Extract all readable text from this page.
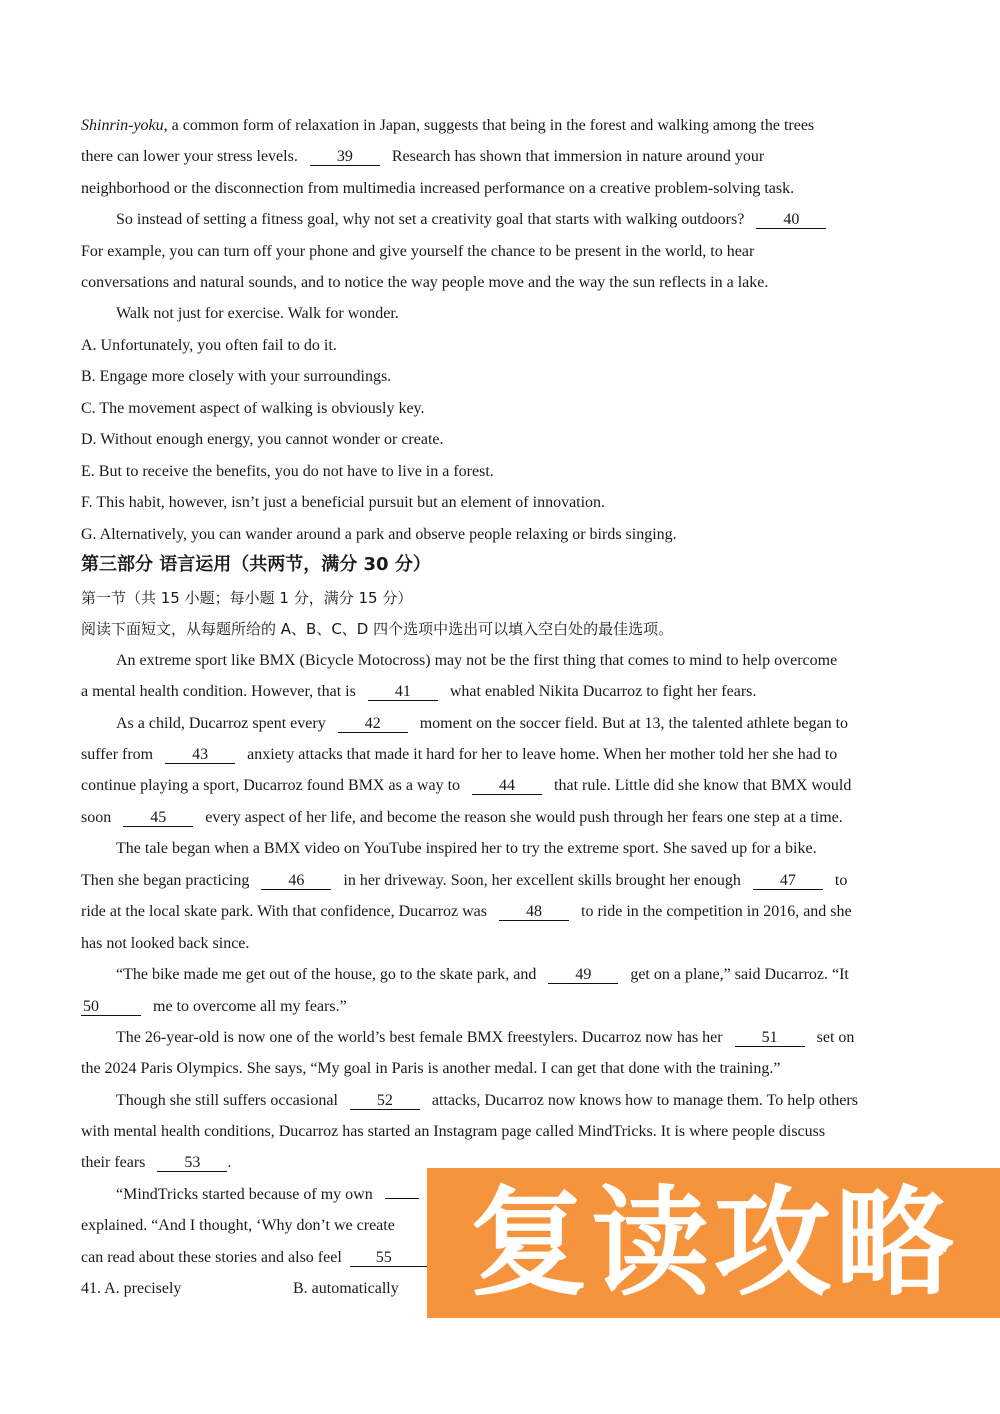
Shinrin-yoku, a common form of relaxation in Japan, suggests that being in the forest and walking among the trees
there can lower your stress levels. 39 Research has shown that immersion in nature around your
neighborhood or the disconnection from multimedia increased performance on a creative problem-solving task.
So instead of setting a fitness goal, why not set a creativity goal that starts with walking outdoors? 40
For example, you can turn off your phone and give yourself the chance to be present in the world, to hear
conversations and natural sounds, and to notice the way people move and the way the sun reflects in a lake.
Walk not just for exercise. Walk for wonder.
A. Unfortunately, you often fail to do it.
B. Engage more closely with your surroundings.
C. The movement aspect of walking is obviously key.
D. Without enough energy, you cannot wonder or create.
E. But to receive the benefits, you do not have to live in a forest.
F. This habit, however, isn’t just a beneficial pursuit but an element of innovation.
G. Alternatively, you can wander around a park and observe people relaxing or birds singing.
第三部分 语言运用（共两节，满分 30 分）
第一节（共 15 小题；每小题 1 分，满分 15 分）
阅读下面短文，从每题所给的 A、B、C、D 四个选项中选出可以填入空白处的最佳选项。
An extreme sport like BMX (Bicycle Motocross) may not be the first thing that comes to mind to help overcome
a mental health condition. However, that is 41 what enabled Nikita Ducarroz to fight her fears.
As a child, Ducarroz spent every 42 moment on the soccer field. But at 13, the talented athlete began to
suffer from 43 anxiety attacks that made it hard for her to leave home. When her mother told her she had to
continue playing a sport, Ducarroz found BMX as a way to 44 that rule. Little did she know that BMX would
soon 45 every aspect of her life, and become the reason she would push through her fears one step at a time.
The tale began when a BMX video on YouTube inspired her to try the extreme sport. She saved up for a bike.
Then she began practicing 46 in her driveway. Soon, her excellent skills brought her enough 47 to
ride at the local skate park. With that confidence, Ducarroz was 48 to ride in the competition in 2016, and she
has not looked back since.
“The bike made me get out of the house, go to the skate park, and 49 get on a plane,” said Ducarroz. “It
50	me to overcome all my fears.”
The 26-year-old is now one of the world’s best female BMX freestylers. Ducarroz now has her 51 set on
the 2024 Paris Olympics. She says, “My goal in Paris is another medal. I can get that done with the training.”
Though she still suffers occasional 52 attacks, Ducarroz now knows how to manage them. To help others
with mental health conditions, Ducarroz has started an Instagram page called MindTricks. It is where people discuss
their fears 53 .
“MindTricks started because of my own
explained. “And I thought, ‘Why don’t we create
can read about these stories and also feel 55
41. A. precisely	B. automatically 复读攻略
